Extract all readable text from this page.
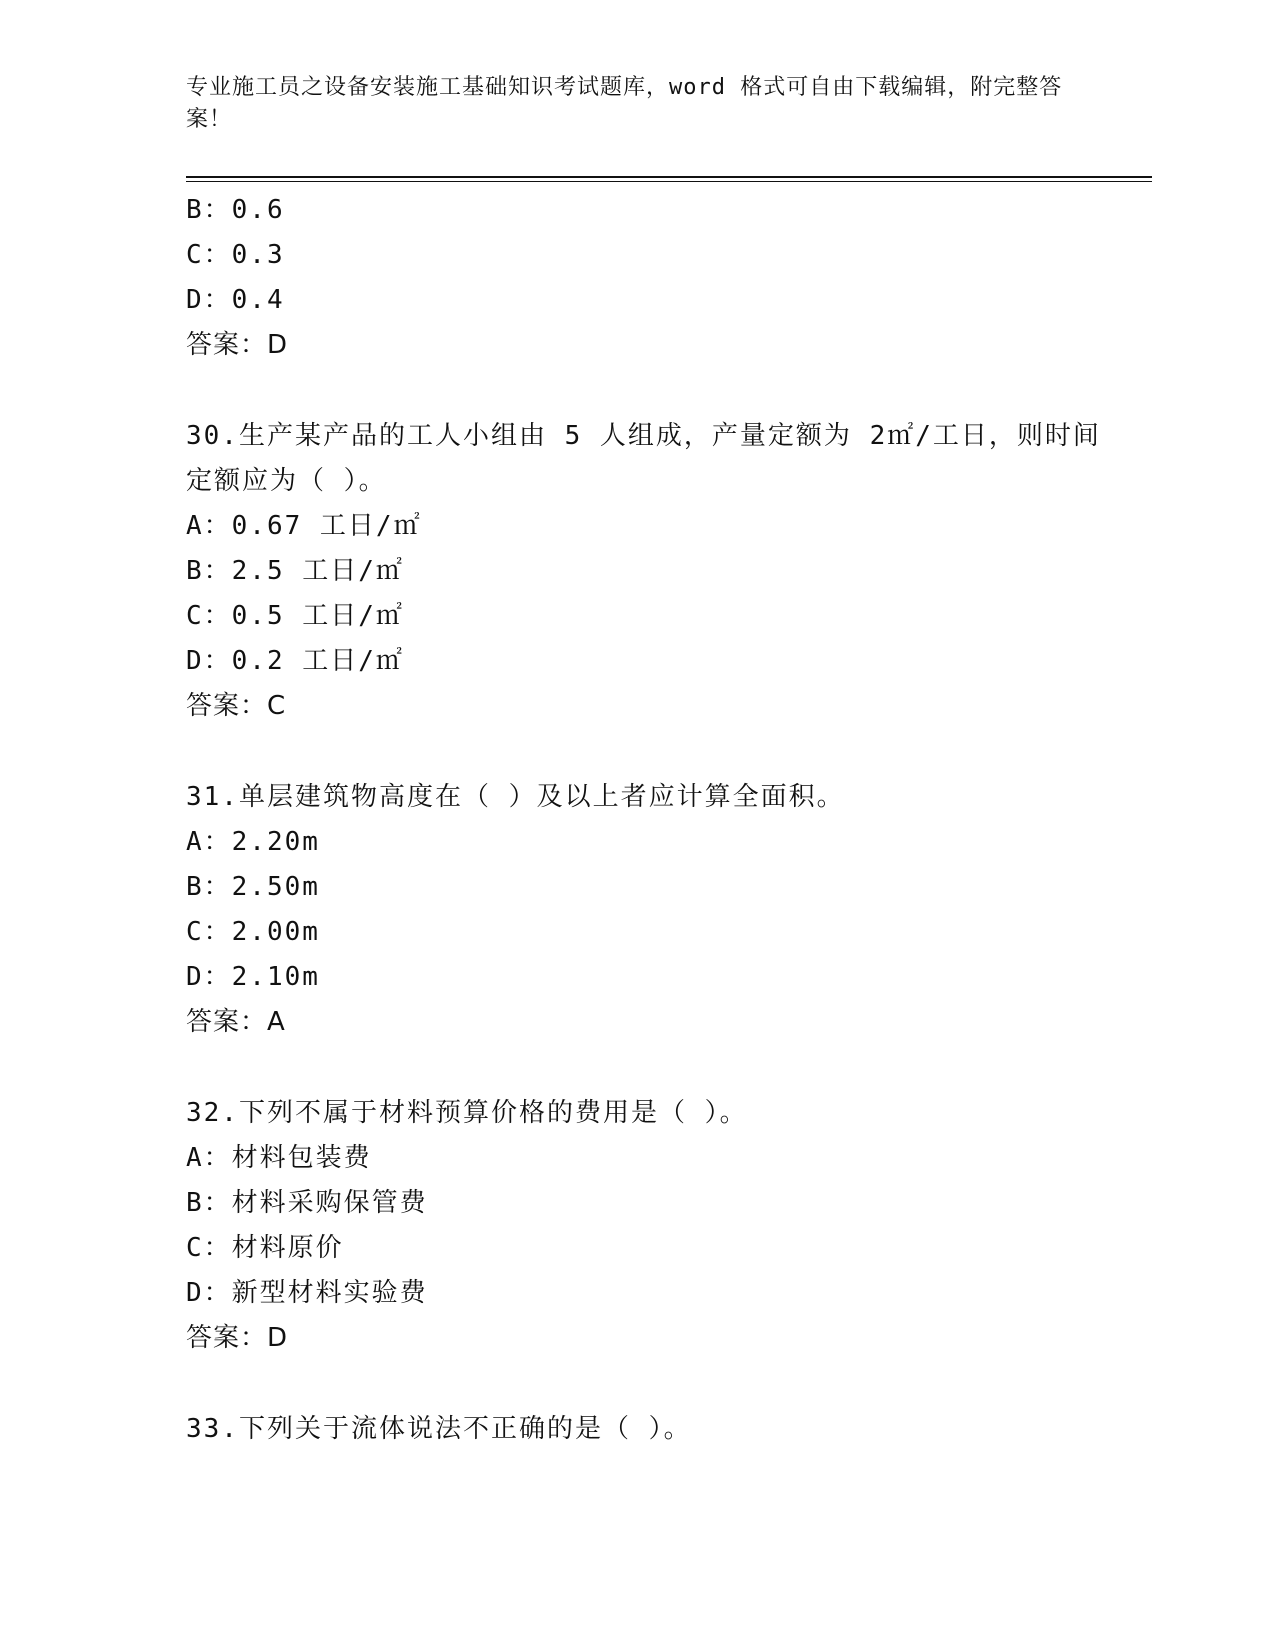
专业施工员之设备安装施工基础知识考试题库，word 格式可自由下载编辑，附完整答案！
B：0.6
C：0.3
D：0.4
答案：D
30.生产某产品的工人小组由 5 人组成，产量定额为 2㎡/工日，则时间
定额应为（ ）。
A：0.67 工日/㎡
B：2.5 工日/㎡
C：0.5 工日/㎡
D：0.2 工日/㎡
答案：C
31.单层建筑物高度在（ ）及以上者应计算全面积。
A：2.20m
B：2.50m
C：2.00m
D：2.10m
答案：A
32.下列不属于材料预算价格的费用是（ ）。
A：材料包装费
B：材料采购保管费
C：材料原价
D：新型材料实验费
答案：D
33.下列关于流体说法不正确的是（ ）。
